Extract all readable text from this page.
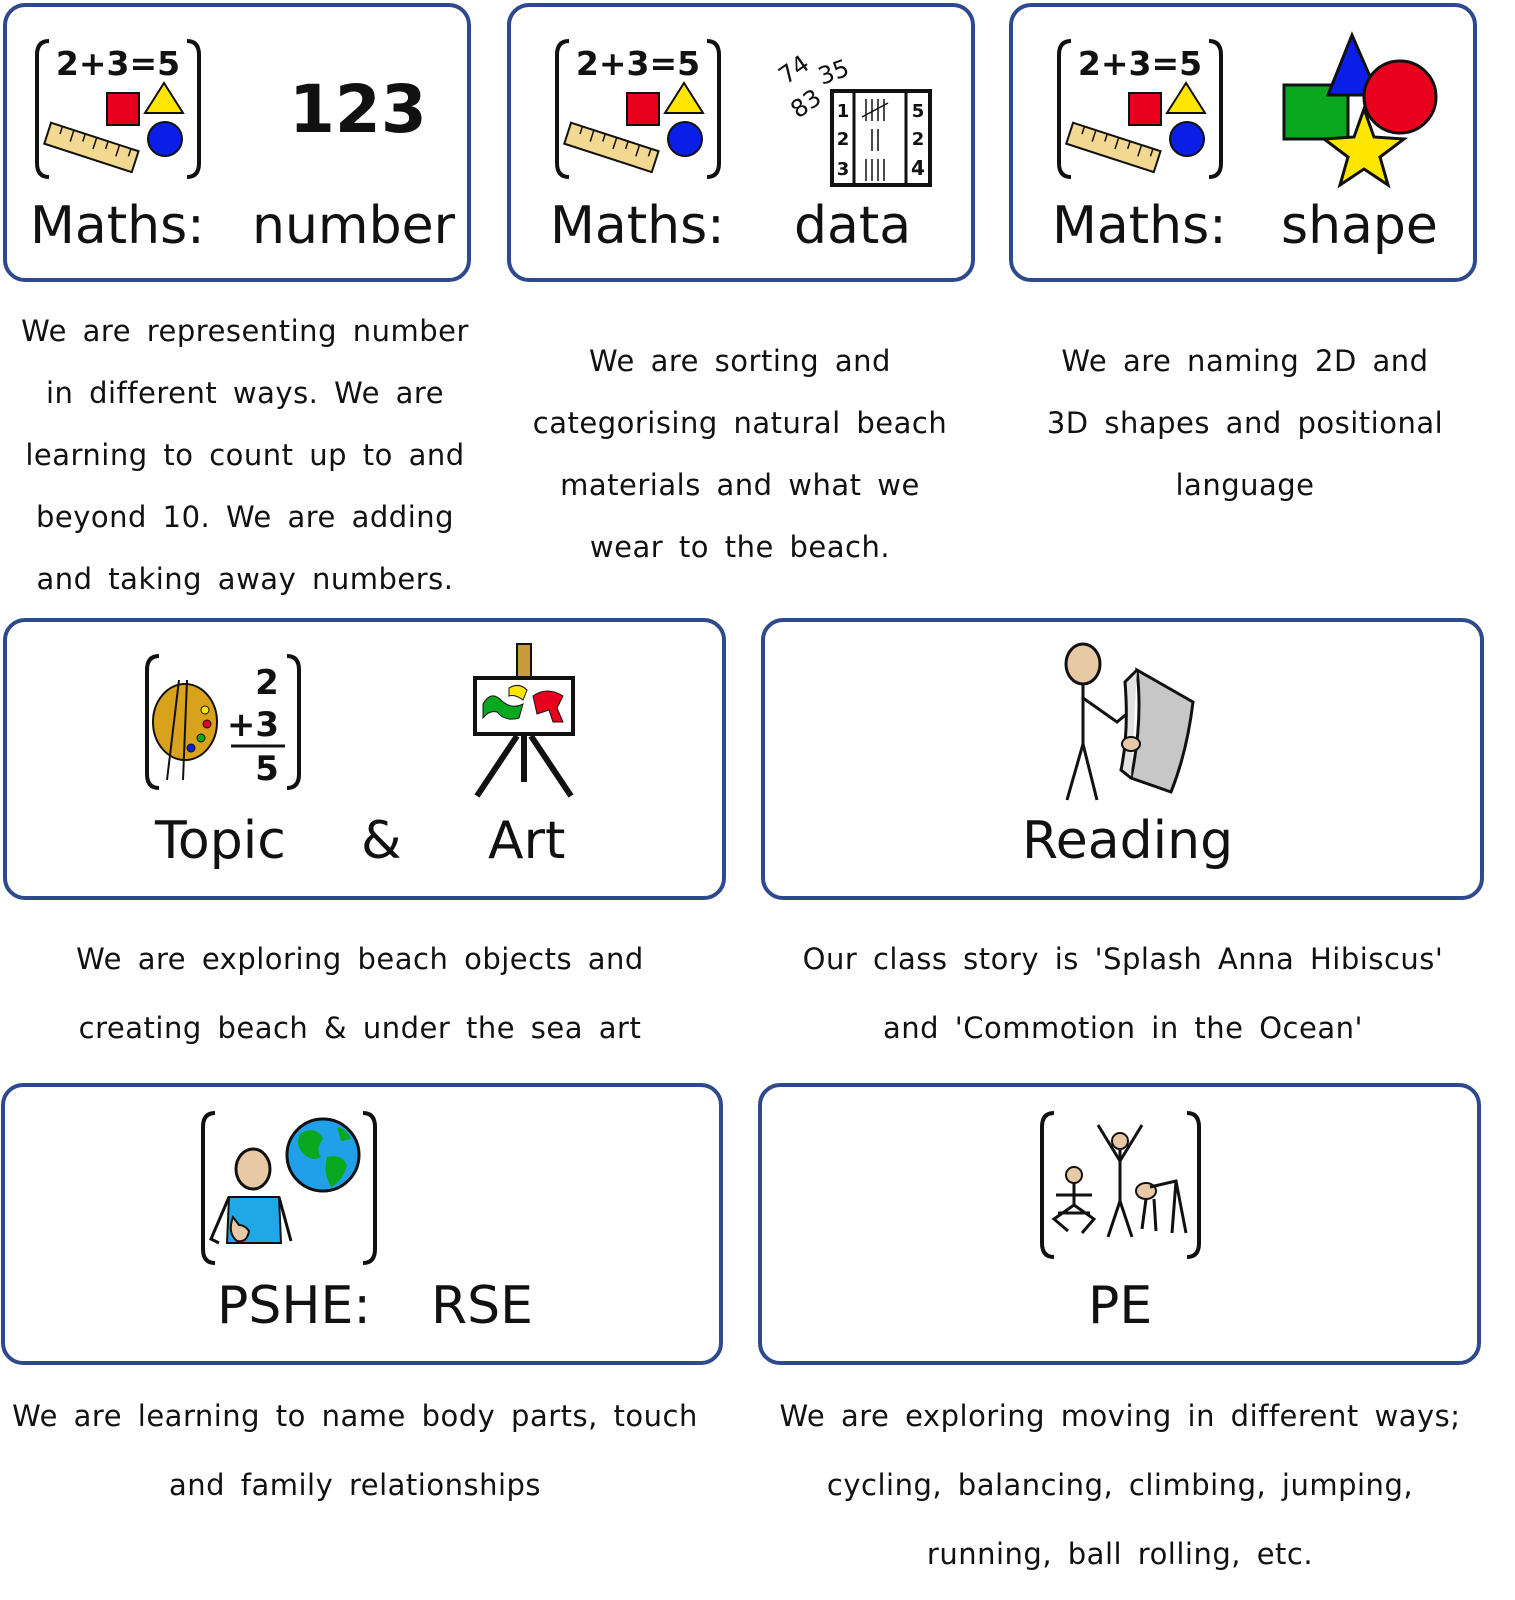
2+3=5
123
Maths: number
We are representing number
in different ways. We are
learning to count up to and
beyond 10. We are adding
and taking away numbers.
2+3=5	74
83
35
1
2
3
5
2
4
Maths: data
We are sorting and
categorising natural beach
materials and what we
wear to the beach.
2+3=5
Maths: shape
We are naming 2D and
3D shapes and positional
language
2
+3
5
Topic & Art
We are exploring beach objects and
creating beach & under the sea art
Reading
Our class story is 'Splash Anna Hibiscus'
and 'Commotion in the Ocean'
PSHE: RSE
We are learning to name body parts, touch
and family relationships
PE
We are exploring moving in different ways;
cycling, balancing, climbing, jumping,
running, ball rolling, etc.
